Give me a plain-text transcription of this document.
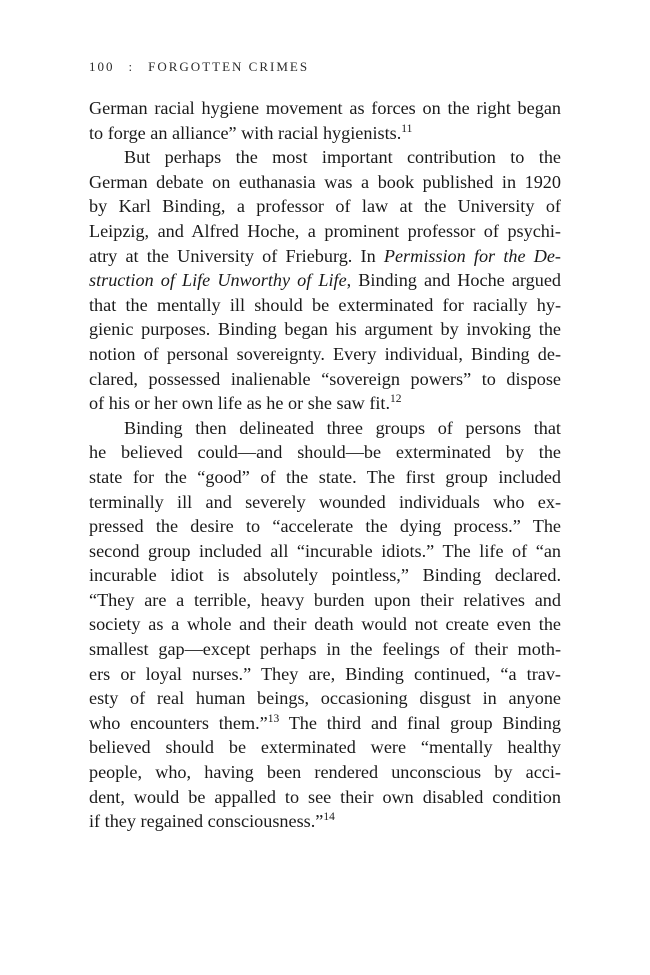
100 : FORGOTTEN CRIMES
German racial hygiene movement as forces on the right began
to forge an alliance” with racial hygienists.$^{11}$
But perhaps the most important contribution to the
German debate on euthanasia was a book published in 1920
by Karl Binding, a professor of law at the University of
Leipzig, and Alfred Hoche, a prominent professor of psychi-
atry at the University of Frieburg. In Permission for the De-
struction of Life Unworthy of Life, Binding and Hoche argued
that the mentally ill should be exterminated for racially hy-
gienic purposes. Binding began his argument by invoking the
notion of personal sovereignty. Every individual, Binding de-
clared, possessed inalienable “sovereign powers” to dispose
of his or her own life as he or she saw fit.$^{12}$
Binding then delineated three groups of persons that
he believed could—and should—be exterminated by the
state for the “good” of the state. The first group included
terminally ill and severely wounded individuals who ex-
pressed the desire to “accelerate the dying process.” The
second group included all “incurable idiots.” The life of “an
incurable idiot is absolutely pointless,” Binding declared.
“They are a terrible, heavy burden upon their relatives and
society as a whole and their death would not create even the
smallest gap—except perhaps in the feelings of their moth-
ers or loyal nurses.” They are, Binding continued, “a trav-
esty of real human beings, occasioning disgust in anyone
who encounters them.”$^{13}$ The third and final group Binding
believed should be exterminated were “mentally healthy
people, who, having been rendered unconscious by acci-
dent, would be appalled to see their own disabled condition
if they regained consciousness.”$^{14}$
